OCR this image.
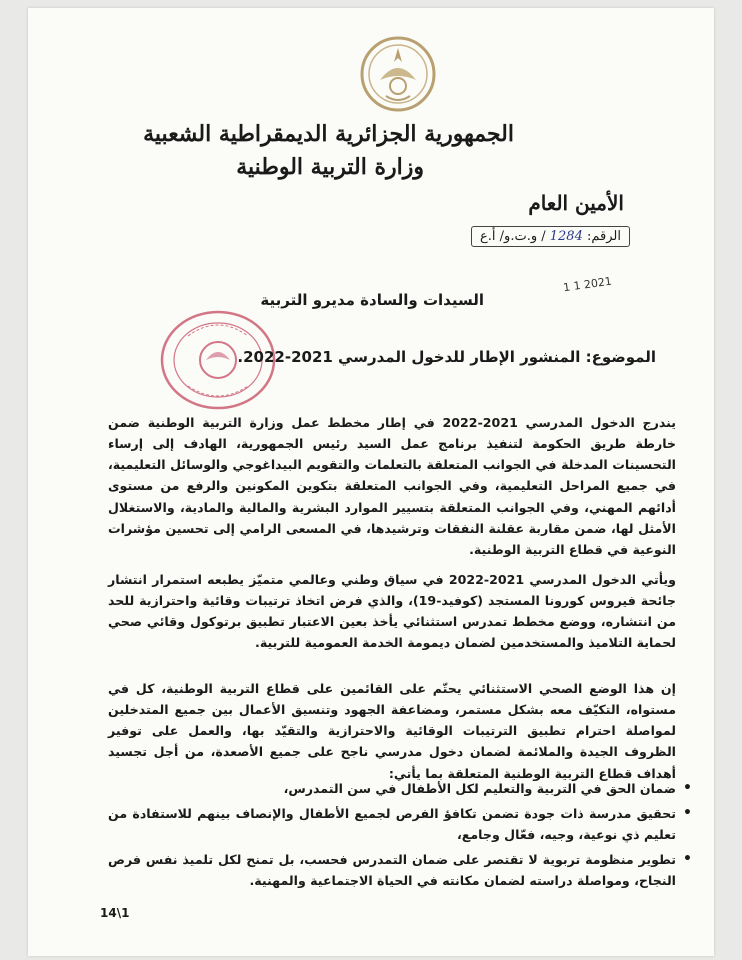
الجمهورية الجزائرية الديمقراطية الشعبية
وزارة التربية الوطنية
الأمين العام
الرقم: 1284 / و.ت.و/ أ.ع
1 1 2021
السيدات والسادة مديرو التربية
الموضوع: المنشور الإطار للدخول المدرسي 2021-2022.

يندرج الدخول المدرسي 2021-2022 في إطار مخطط عمل وزارة التربية الوطنية ضمن خارطة طريق الحكومة لتنفيذ برنامج عمل السيد رئيس الجمهورية، الهادف إلى إرساء التحسينات المدخلة في الجوانب المتعلقة بالتعلمات والتقويم البيداغوجي والوسائل التعليمية، في جميع المراحل التعليمية، وفي الجوانب المتعلقة بتكوين المكونين والرفع من مستوى أدائهم المهني، وفي الجوانب المتعلقة بتسيير الموارد البشرية والمالية والمادية، والاستغلال الأمثل لها، ضمن مقاربة عقلنة النفقات وترشيدها، في المسعى الرامي إلى تحسين مؤشرات النوعية في قطاع التربية الوطنية.

ويأتي الدخول المدرسي 2021-2022 في سياق وطني وعالمي متميّز يطبعه استمرار انتشار جائحة فيروس كورونا المستجد (كوفيد-19)، والذي فرض اتخاذ ترتيبات وقائية واحترازية للحد من انتشاره، ووضع مخطط تمدرس استثنائي يأخذ بعين الاعتبار تطبيق برتوكول وقائي صحي لحماية التلاميذ والمستخدمين لضمان ديمومة الخدمة العمومية للتربية.

إن هذا الوضع الصحي الاستثنائي يحتّم على القائمين على قطاع التربية الوطنية، كل في مستواه، التكيّف معه بشكل مستمر، ومضاعفة الجهود وتنسيق الأعمال بين جميع المتدخلين لمواصلة احترام تطبيق الترتيبات الوقائية والاحترازية والتقيّد بها، والعمل على توفير الظروف الجيدة والملائمة لضمان دخول مدرسي ناجح على جميع الأصعدة، من أجل تجسيد أهداف قطاع التربية الوطنية المتعلقة بما يأتي:

• ضمان الحق في التربية والتعليم لكل الأطفال في سن التمدرس،
• تحقيق مدرسة ذات جودة تضمن تكافؤ الفرص لجميع الأطفال والإنصاف بينهم للاستفادة من تعليم ذي نوعية، وجيه، فعّال وجامع،
• تطوير منظومة تربوية لا تقتصر على ضمان التمدرس فحسب، بل تمنح لكل تلميذ نفس فرص النجاح، ومواصلة دراسته لضمان مكانته في الحياة الاجتماعية والمهنية.
14\1
